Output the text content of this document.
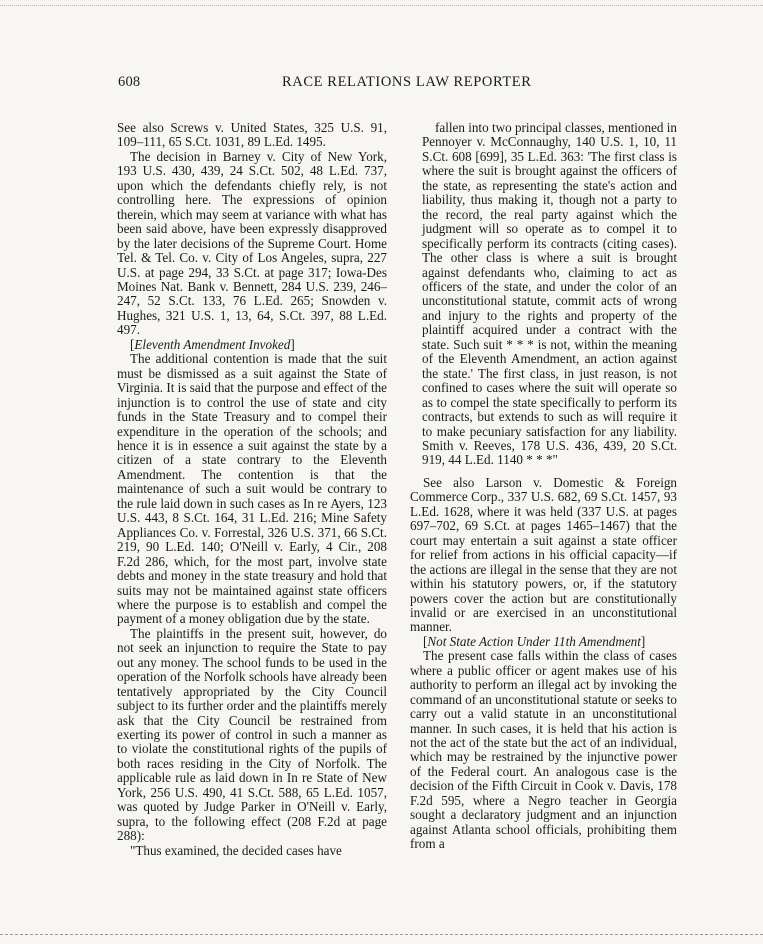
608	RACE RELATIONS LAW REPORTER

See also Screws v. United States, 325 U.S. 91, 109–111, 65 S.Ct. 1031, 89 L.Ed. 1495.

The decision in Barney v. City of New York, 193 U.S. 430, 439, 24 S.Ct. 502, 48 L.Ed. 737, upon which the defendants chiefly rely, is not controlling here. The expressions of opinion therein, which may seem at variance with what has been said above, have been expressly disapproved by the later decisions of the Supreme Court. Home Tel. & Tel. Co. v. City of Los Angeles, supra, 227 U.S. at page 294, 33 S.Ct. at page 317; Iowa-Des Moines Nat. Bank v. Bennett, 284 U.S. 239, 246–247, 52 S.Ct. 133, 76 L.Ed. 265; Snowden v. Hughes, 321 U.S. 1, 13, 64, S.Ct. 397, 88 L.Ed. 497.

[Eleventh Amendment Invoked]

The additional contention is made that the suit must be dismissed as a suit against the State of Virginia. It is said that the purpose and effect of the injunction is to control the use of state and city funds in the State Treasury and to compel their expenditure in the operation of the schools; and hence it is in essence a suit against the state by a citizen of a state contrary to the Eleventh Amendment. The contention is that the maintenance of such a suit would be contrary to the rule laid down in such cases as In re Ayers, 123 U.S. 443, 8 S.Ct. 164, 31 L.Ed. 216; Mine Safety Appliances Co. v. Forrestal, 326 U.S. 371, 66 S.Ct. 219, 90 L.Ed. 140; O'Neill v. Early, 4 Cir., 208 F.2d 286, which, for the most part, involve state debts and money in the state treasury and hold that suits may not be maintained against state officers where the purpose is to establish and compel the payment of a money obligation due by the state.

The plaintiffs in the present suit, however, do not seek an injunction to require the State to pay out any money. The school funds to be used in the operation of the Norfolk schools have already been tentatively appropriated by the City Council subject to its further order and the plaintiffs merely ask that the City Council be restrained from exerting its power of control in such a manner as to violate the constitutional rights of the pupils of both races residing in the City of Norfolk. The applicable rule as laid down in In re State of New York, 256 U.S. 490, 41 S.Ct. 588, 65 L.Ed. 1057, was quoted by Judge Parker in O'Neill v. Early, supra, to the following effect (208 F.2d at page 288):

"Thus examined, the decided cases have

fallen into two principal classes, mentioned in Pennoyer v. McConnaughy, 140 U.S. 1, 10, 11 S.Ct. 608 [699], 35 L.Ed. 363: 'The first class is where the suit is brought against the officers of the state, as representing the state's action and liability, thus making it, though not a party to the record, the real party against which the judgment will so operate as to compel it to specifically perform its contracts (citing cases). The other class is where a suit is brought against defendants who, claiming to act as officers of the state, and under the color of an unconstitutional statute, commit acts of wrong and injury to the rights and property of the plaintiff acquired under a contract with the state. Such suit * * * is not, within the meaning of the Eleventh Amendment, an action against the state.' The first class, in just reason, is not confined to cases where the suit will operate so as to compel the state specifically to perform its contracts, but extends to such as will require it to make pecuniary satisfaction for any liability. Smith v. Reeves, 178 U.S. 436, 439, 20 S.Ct. 919, 44 L.Ed. 1140 * * *"

See also Larson v. Domestic & Foreign Commerce Corp., 337 U.S. 682, 69 S.Ct. 1457, 93 L.Ed. 1628, where it was held (337 U.S. at pages 697–702, 69 S.Ct. at pages 1465–1467) that the court may entertain a suit against a state officer for relief from actions in his official capacity—if the actions are illegal in the sense that they are not within his statutory powers, or, if the statutory powers cover the action but are constitutionally invalid or are exercised in an unconstitutional manner.

[Not State Action Under 11th Amendment]

The present case falls within the class of cases where a public officer or agent makes use of his authority to perform an illegal act by invoking the command of an unconstitutional statute or seeks to carry out a valid statute in an unconstitutional manner. In such cases, it is held that his action is not the act of the state but the act of an individual, which may be restrained by the injunctive power of the Federal court. An analogous case is the decision of the Fifth Circuit in Cook v. Davis, 178 F.2d 595, where a Negro teacher in Georgia sought a declaratory judgment and an injunction against Atlanta school officials, prohibiting them from a
